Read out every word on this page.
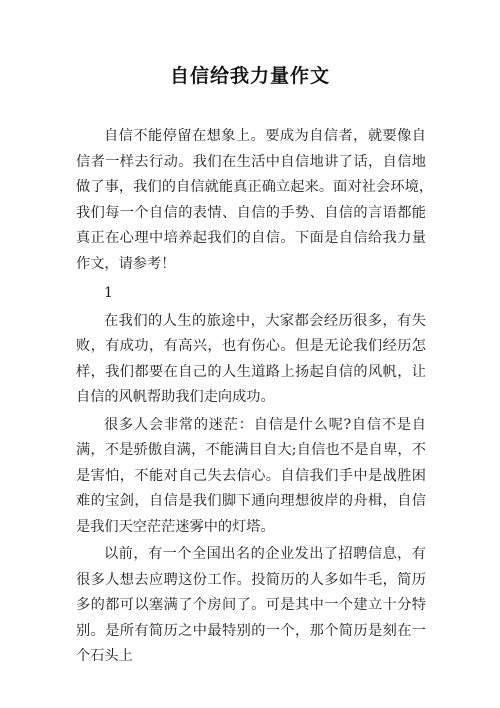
自信给我力量作文

自信不能停留在想象上。要成为自信者，就要像自信者一样去行动。我们在生活中自信地讲了话，自信地做了事，我们的自信就能真正确立起来。面对社会环境，　我们每一个自信的表情、自信的手势、自信的言语都能真正在心理中培养起我们的自信。下面是自信给我力量作文，请参考！

1

在我们的人生的旅途中，大家都会经历很多，有失败，有成功，有高兴，也有伤心。但是无论我们经历怎样，我们都要在自己的人生道路上扬起自信的风帆，让自信的风帆帮助我们走向成功。

很多人会非常的迷茫：自信是什么呢?自信不是自满，不是骄傲自满，不能满目自大;自信也不是自卑，不是害怕，不能对自己失去信心。自信我们手中是战胜困难的宝剑，自信是我们脚下通向理想彼岸的舟楫，自信是我们天空茫茫迷雾中的灯塔。

以前，有一个全国出名的企业发出了招聘信息，有很多人想去应聘这份工作。投简历的人多如牛毛，简历多的都可以塞满了个房间了。可是其中一个建立十分特别。是所有简历之中最特别的一个，那个简历是刻在一个石头上
